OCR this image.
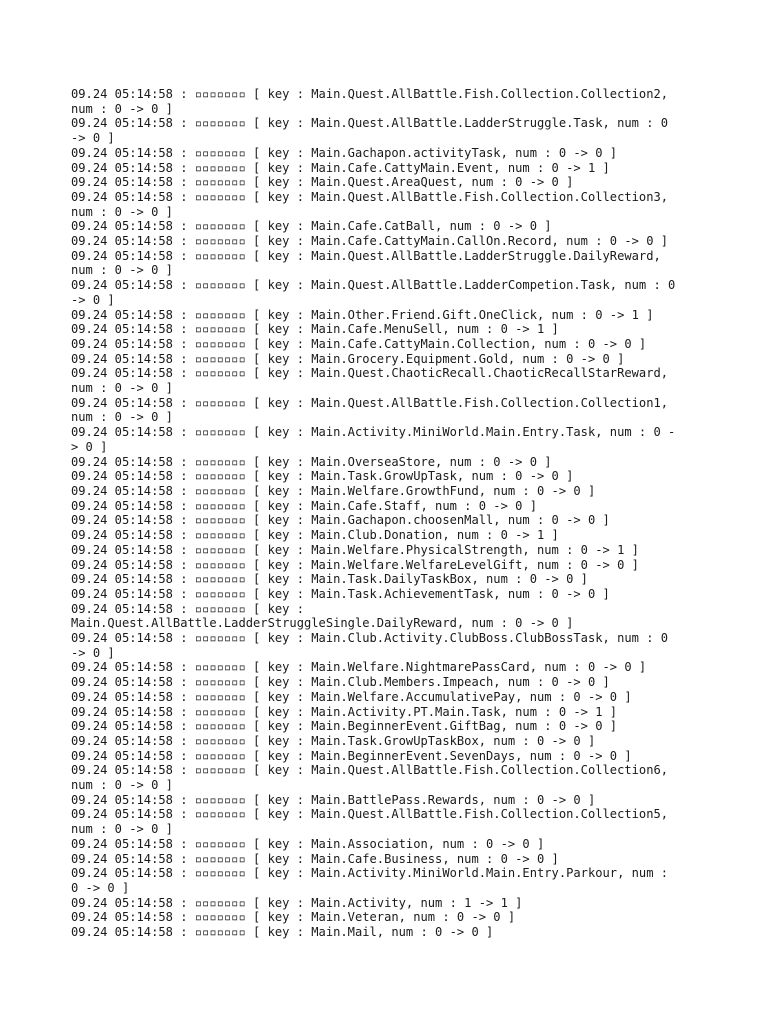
09.24 05:14:58 : ▫▫▫▫▫▫▫ [ key : Main.Quest.AllBattle.Fish.Collection.Collection2,
num : 0 -> 0 ]
09.24 05:14:58 : ▫▫▫▫▫▫▫ [ key : Main.Quest.AllBattle.LadderStruggle.Task, num : 0
-> 0 ]
09.24 05:14:58 : ▫▫▫▫▫▫▫ [ key : Main.Gachapon.activityTask, num : 0 -> 0 ]
09.24 05:14:58 : ▫▫▫▫▫▫▫ [ key : Main.Cafe.CattyMain.Event, num : 0 -> 1 ]
09.24 05:14:58 : ▫▫▫▫▫▫▫ [ key : Main.Quest.AreaQuest, num : 0 -> 0 ]
09.24 05:14:58 : ▫▫▫▫▫▫▫ [ key : Main.Quest.AllBattle.Fish.Collection.Collection3,
num : 0 -> 0 ]
09.24 05:14:58 : ▫▫▫▫▫▫▫ [ key : Main.Cafe.CatBall, num : 0 -> 0 ]
09.24 05:14:58 : ▫▫▫▫▫▫▫ [ key : Main.Cafe.CattyMain.CallOn.Record, num : 0 -> 0 ]
09.24 05:14:58 : ▫▫▫▫▫▫▫ [ key : Main.Quest.AllBattle.LadderStruggle.DailyReward,
num : 0 -> 0 ]
09.24 05:14:58 : ▫▫▫▫▫▫▫ [ key : Main.Quest.AllBattle.LadderCompetion.Task, num : 0
-> 0 ]
09.24 05:14:58 : ▫▫▫▫▫▫▫ [ key : Main.Other.Friend.Gift.OneClick, num : 0 -> 1 ]
09.24 05:14:58 : ▫▫▫▫▫▫▫ [ key : Main.Cafe.MenuSell, num : 0 -> 1 ]
09.24 05:14:58 : ▫▫▫▫▫▫▫ [ key : Main.Cafe.CattyMain.Collection, num : 0 -> 0 ]
09.24 05:14:58 : ▫▫▫▫▫▫▫ [ key : Main.Grocery.Equipment.Gold, num : 0 -> 0 ]
09.24 05:14:58 : ▫▫▫▫▫▫▫ [ key : Main.Quest.ChaoticRecall.ChaoticRecallStarReward,
num : 0 -> 0 ]
09.24 05:14:58 : ▫▫▫▫▫▫▫ [ key : Main.Quest.AllBattle.Fish.Collection.Collection1,
num : 0 -> 0 ]
09.24 05:14:58 : ▫▫▫▫▫▫▫ [ key : Main.Activity.MiniWorld.Main.Entry.Task, num : 0 -
> 0 ]
09.24 05:14:58 : ▫▫▫▫▫▫▫ [ key : Main.OverseaStore, num : 0 -> 0 ]
09.24 05:14:58 : ▫▫▫▫▫▫▫ [ key : Main.Task.GrowUpTask, num : 0 -> 0 ]
09.24 05:14:58 : ▫▫▫▫▫▫▫ [ key : Main.Welfare.GrowthFund, num : 0 -> 0 ]
09.24 05:14:58 : ▫▫▫▫▫▫▫ [ key : Main.Cafe.Staff, num : 0 -> 0 ]
09.24 05:14:58 : ▫▫▫▫▫▫▫ [ key : Main.Gachapon.choosenMall, num : 0 -> 0 ]
09.24 05:14:58 : ▫▫▫▫▫▫▫ [ key : Main.Club.Donation, num : 0 -> 1 ]
09.24 05:14:58 : ▫▫▫▫▫▫▫ [ key : Main.Welfare.PhysicalStrength, num : 0 -> 1 ]
09.24 05:14:58 : ▫▫▫▫▫▫▫ [ key : Main.Welfare.WelfareLevelGift, num : 0 -> 0 ]
09.24 05:14:58 : ▫▫▫▫▫▫▫ [ key : Main.Task.DailyTaskBox, num : 0 -> 0 ]
09.24 05:14:58 : ▫▫▫▫▫▫▫ [ key : Main.Task.AchievementTask, num : 0 -> 0 ]
09.24 05:14:58 : ▫▫▫▫▫▫▫ [ key :
Main.Quest.AllBattle.LadderStruggleSingle.DailyReward, num : 0 -> 0 ]
09.24 05:14:58 : ▫▫▫▫▫▫▫ [ key : Main.Club.Activity.ClubBoss.ClubBossTask, num : 0
-> 0 ]
09.24 05:14:58 : ▫▫▫▫▫▫▫ [ key : Main.Welfare.NightmarePassCard, num : 0 -> 0 ]
09.24 05:14:58 : ▫▫▫▫▫▫▫ [ key : Main.Club.Members.Impeach, num : 0 -> 0 ]
09.24 05:14:58 : ▫▫▫▫▫▫▫ [ key : Main.Welfare.AccumulativePay, num : 0 -> 0 ]
09.24 05:14:58 : ▫▫▫▫▫▫▫ [ key : Main.Activity.PT.Main.Task, num : 0 -> 1 ]
09.24 05:14:58 : ▫▫▫▫▫▫▫ [ key : Main.BeginnerEvent.GiftBag, num : 0 -> 0 ]
09.24 05:14:58 : ▫▫▫▫▫▫▫ [ key : Main.Task.GrowUpTaskBox, num : 0 -> 0 ]
09.24 05:14:58 : ▫▫▫▫▫▫▫ [ key : Main.BeginnerEvent.SevenDays, num : 0 -> 0 ]
09.24 05:14:58 : ▫▫▫▫▫▫▫ [ key : Main.Quest.AllBattle.Fish.Collection.Collection6,
num : 0 -> 0 ]
09.24 05:14:58 : ▫▫▫▫▫▫▫ [ key : Main.BattlePass.Rewards, num : 0 -> 0 ]
09.24 05:14:58 : ▫▫▫▫▫▫▫ [ key : Main.Quest.AllBattle.Fish.Collection.Collection5,
num : 0 -> 0 ]
09.24 05:14:58 : ▫▫▫▫▫▫▫ [ key : Main.Association, num : 0 -> 0 ]
09.24 05:14:58 : ▫▫▫▫▫▫▫ [ key : Main.Cafe.Business, num : 0 -> 0 ]
09.24 05:14:58 : ▫▫▫▫▫▫▫ [ key : Main.Activity.MiniWorld.Main.Entry.Parkour, num :
0 -> 0 ]
09.24 05:14:58 : ▫▫▫▫▫▫▫ [ key : Main.Activity, num : 1 -> 1 ]
09.24 05:14:58 : ▫▫▫▫▫▫▫ [ key : Main.Veteran, num : 0 -> 0 ]
09.24 05:14:58 : ▫▫▫▫▫▫▫ [ key : Main.Mail, num : 0 -> 0 ]
